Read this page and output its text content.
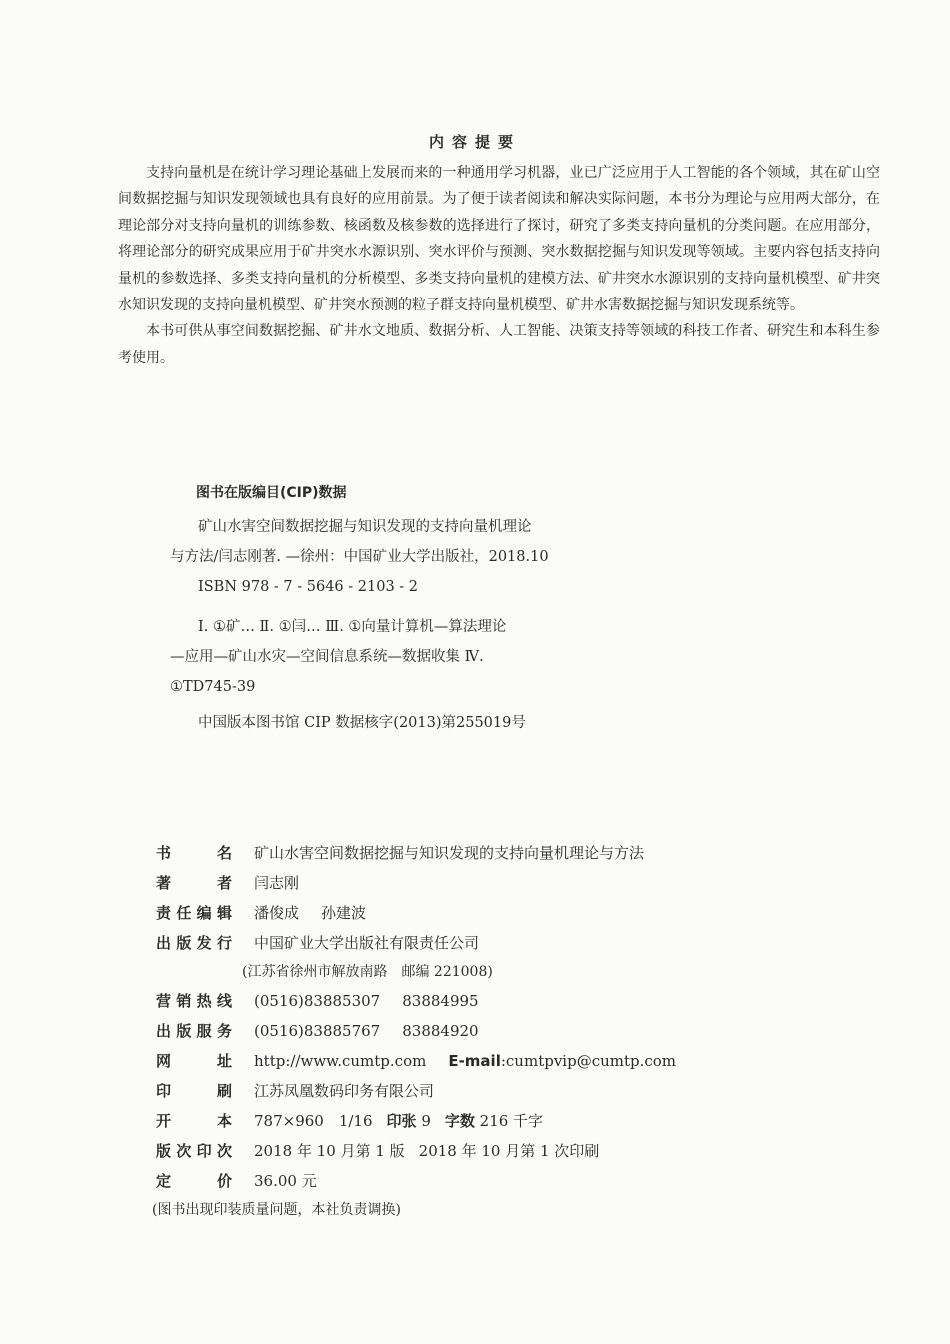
内容提要

支持向量机是在统计学习理论基础上发展而来的一种通用学习机器，业已广泛应用于人工智能的各个领域，其在矿山空间数据挖掘与知识发现领域也具有良好的应用前景。为了便于读者阅读和解决实际问题，本书分为理论与应用两大部分，在理论部分对支持向量机的训练参数、核函数及核参数的选择进行了探讨，研究了多类支持向量机的分类问题。在应用部分，将理论部分的研究成果应用于矿井突水水源识别、突水评价与预测、突水数据挖掘与知识发现等领域。主要内容包括支持向量机的参数选择、多类支持向量机的分析模型、多类支持向量机的建模方法、矿井突水水源识别的支持向量机模型、矿井突水知识发现的支持向量机模型、矿井突水预测的粒子群支持向量机模型、矿井水害数据挖掘与知识发现系统等。

本书可供从事空间数据挖掘、矿井水文地质、数据分析、人工智能、决策支持等领域的科技工作者、研究生和本科生参考使用。

图书在版编目(CIP)数据
矿山水害空间数据挖掘与知识发现的支持向量机理论
与方法/闫志刚著. —徐州：中国矿业大学出版社，2018.10
ISBN 978 - 7 - 5646 - 2103 - 2
Ⅰ. ①矿… Ⅱ. ①闫… Ⅲ. ①向量计算机—算法理论
—应用—矿山水灾—空间信息系统—数据收集 Ⅳ.
①TD745-39
中国版本图书馆 CIP 数据核字(2013)第255019号
书名 矿山水害空间数据挖掘与知识发现的支持向量机理论与方法
著者 闫志刚
责任编辑 潘俊成 孙建波
出版发行 中国矿业大学出版社有限责任公司
(江苏省徐州市解放南路　邮编 221008)
营销热线 (0516)83885307 83884995
出版服务 (0516)83885767 83884920
网址 http://www.cumtp.com E-mail:cumtpvip@cumtp.com
印刷 江苏凤凰数码印务有限公司
开本 787×960　1/16 印张 9 字数 216 千字
版次印次 2018 年 10 月第 1 版 2018 年 10 月第 1 次印刷
定价 36.00 元
(图书出现印装质量问题，本社负责调换)
